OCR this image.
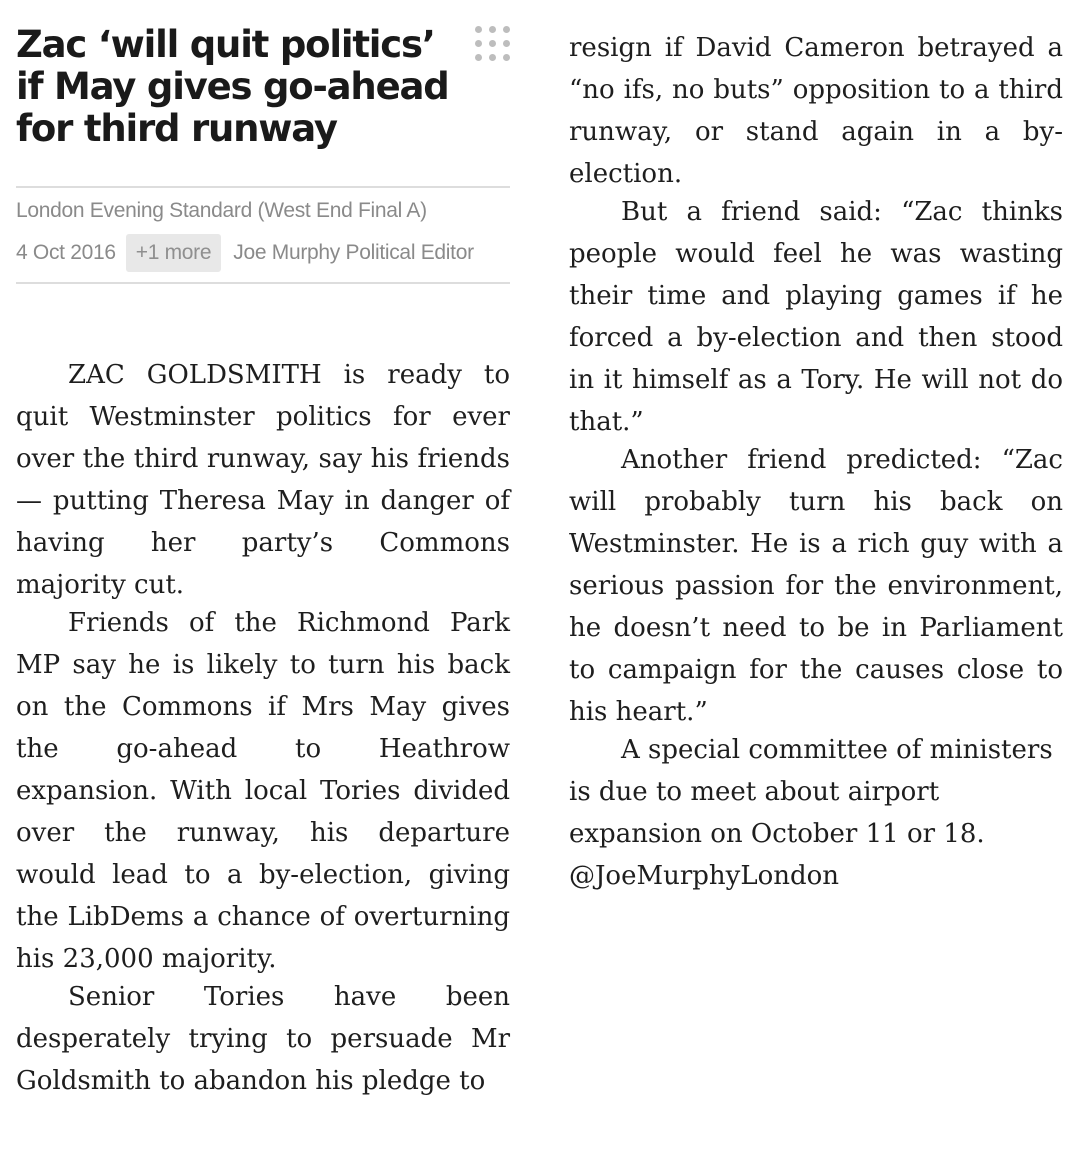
Zac ‘will quit politics’ if May gives go-ahead for third runway
London Evening Standard (West End Final A)
4 Oct 2016 +1 more Joe Murphy Political Editor

ZAC GOLDSMITH is ready to quit Westminster politics for ever over the third runway, say his friends — putting Theresa May in danger of having her party’s Commons majority cut.

Friends of the Richmond Park MP say he is likely to turn his back on the Commons if Mrs May gives the go-ahead to Heathrow expansion. With local Tories divided over the runway, his departure would lead to a by-election, giving the LibDems a chance of overturning his 23,000 majority.

Senior Tories have been desperately trying to persuade Mr Goldsmith to abandon his pledge to

resign if David Cameron betrayed a “no ifs, no buts” opposition to a third runway, or stand again in a by-election.

But a friend said: “Zac thinks people would feel he was wasting their time and playing games if he forced a by-election and then stood in it himself as a Tory. He will not do that.”

Another friend predicted: “Zac will probably turn his back on Westminster. He is a rich guy with a serious passion for the environment, he doesn’t need to be in Parliament to campaign for the causes close to his heart.”

A special committee of ministers is due to meet about airport expansion on October 11 or 18. @JoeMurphyLondon
